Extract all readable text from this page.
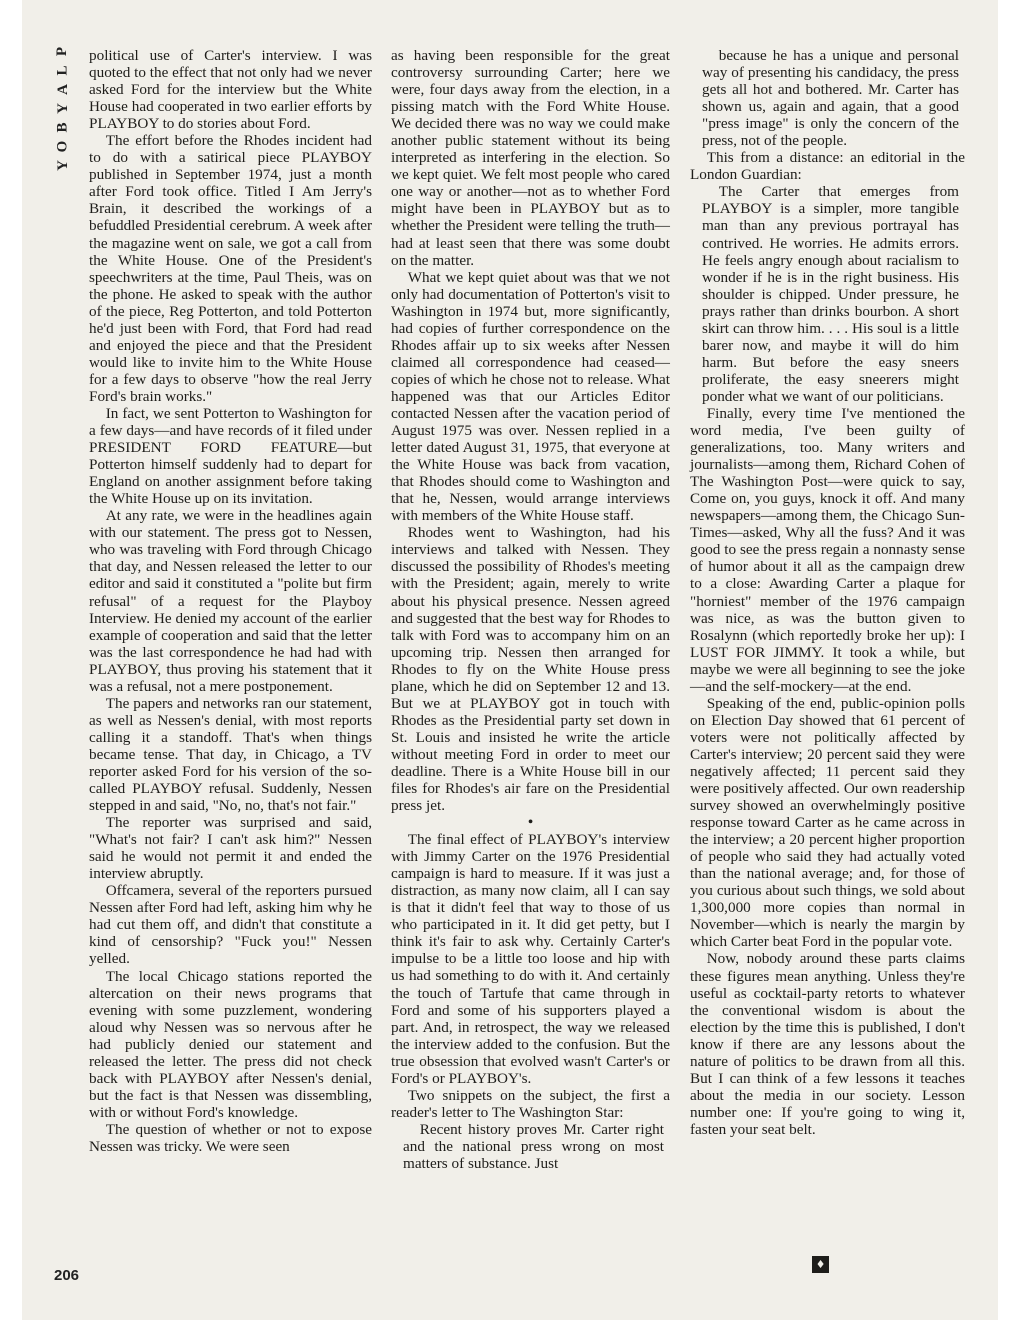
P
L
A
Y
B
O
Y

political use of Carter's interview. I was quoted to the effect that not only had we never asked Ford for the interview but the White House had cooperated in two earlier efforts by PLAYBOY to do stories about Ford.

The effort before the Rhodes incident had to do with a satirical piece PLAYBOY published in September 1974, just a month after Ford took office. Titled I Am Jerry's Brain, it described the workings of a befuddled Presidential cerebrum. A week after the magazine went on sale, we got a call from the White House. One of the President's speechwriters at the time, Paul Theis, was on the phone. He asked to speak with the author of the piece, Reg Potterton, and told Potterton he'd just been with Ford, that Ford had read and enjoyed the piece and that the President would like to invite him to the White House for a few days to observe "how the real Jerry Ford's brain works."

In fact, we sent Potterton to Washington for a few days—and have records of it filed under PRESIDENT FORD FEATURE—but Potterton himself suddenly had to depart for England on another assignment before taking the White House up on its invitation.

At any rate, we were in the headlines again with our statement. The press got to Nessen, who was traveling with Ford through Chicago that day, and Nessen released the letter to our editor and said it constituted a "polite but firm refusal" of a request for the Playboy Interview. He denied my account of the earlier example of cooperation and said that the letter was the last correspondence he had had with PLAYBOY, thus proving his statement that it was a refusal, not a mere postponement.

The papers and networks ran our statement, as well as Nessen's denial, with most reports calling it a standoff. That's when things became tense. That day, in Chicago, a TV reporter asked Ford for his version of the so-called PLAYBOY refusal. Suddenly, Nessen stepped in and said, "No, no, that's not fair."

The reporter was surprised and said, "What's not fair? I can't ask him?" Nessen said he would not permit it and ended the interview abruptly.

Offcamera, several of the reporters pursued Nessen after Ford had left, asking him why he had cut them off, and didn't that constitute a kind of censorship? "Fuck you!" Nessen yelled.

The local Chicago stations reported the altercation on their news programs that evening with some puzzlement, wondering aloud why Nessen was so nervous after he had publicly denied our statement and released the letter. The press did not check back with PLAYBOY after Nessen's denial, but the fact is that Nessen was dissembling, with or without Ford's knowledge.

The question of whether or not to expose Nessen was tricky. We were seen

as having been responsible for the great controversy surrounding Carter; here we were, four days away from the election, in a pissing match with the Ford White House. We decided there was no way we could make another public statement without its being interpreted as interfering in the election. So we kept quiet. We felt most people who cared one way or another—not as to whether Ford might have been in PLAYBOY but as to whether the President were telling the truth—had at least seen that there was some doubt on the matter.

What we kept quiet about was that we not only had documentation of Potterton's visit to Washington in 1974 but, more significantly, had copies of further correspondence on the Rhodes affair up to six weeks after Nessen claimed all correspondence had ceased—copies of which he chose not to release. What happened was that our Articles Editor contacted Nessen after the vacation period of August 1975 was over. Nessen replied in a letter dated August 31, 1975, that everyone at the White House was back from vacation, that Rhodes should come to Washington and that he, Nessen, would arrange interviews with members of the White House staff.

Rhodes went to Washington, had his interviews and talked with Nessen. They discussed the possibility of Rhodes's meeting with the President; again, merely to write about his physical presence. Nessen agreed and suggested that the best way for Rhodes to talk with Ford was to accompany him on an upcoming trip. Nessen then arranged for Rhodes to fly on the White House press plane, which he did on September 12 and 13. But we at PLAYBOY got in touch with Rhodes as the Presidential party set down in St. Louis and insisted he write the article without meeting Ford in order to meet our deadline. There is a White House bill in our files for Rhodes's air fare on the Presidential press jet.

•

The final effect of PLAYBOY's interview with Jimmy Carter on the 1976 Presidential campaign is hard to measure. If it was just a distraction, as many now claim, all I can say is that it didn't feel that way to those of us who participated in it. It did get petty, but I think it's fair to ask why. Certainly Carter's impulse to be a little too loose and hip with us had something to do with it. And certainly the touch of Tartufe that came through in Ford and some of his supporters played a part. And, in retrospect, the way we released the interview added to the confusion. But the true obsession that evolved wasn't Carter's or Ford's or PLAYBOY's.

Two snippets on the subject, the first a reader's letter to The Washington Star:

Recent history proves Mr. Carter right and the national press wrong on most matters of substance. Just

because he has a unique and personal way of presenting his candidacy, the press gets all hot and bothered. Mr. Carter has shown us, again and again, that a good "press image" is only the concern of the press, not of the people.

This from a distance: an editorial in the London Guardian:

The Carter that emerges from PLAYBOY is a simpler, more tangible man than any previous portrayal has contrived. He worries. He admits errors. He feels angry enough about racialism to wonder if he is in the right business. His shoulder is chipped. Under pressure, he prays rather than drinks bourbon. A short skirt can throw him. . . . His soul is a little barer now, and maybe it will do him harm. But before the easy sneers proliferate, the easy sneerers might ponder what we want of our politicians.

Finally, every time I've mentioned the word media, I've been guilty of generalizations, too. Many writers and journalists—among them, Richard Cohen of The Washington Post—were quick to say, Come on, you guys, knock it off. And many newspapers—among them, the Chicago Sun-Times—asked, Why all the fuss? And it was good to see the press regain a nonnasty sense of humor about it all as the campaign drew to a close: Awarding Carter a plaque for "horniest" member of the 1976 campaign was nice, as was the button given to Rosalynn (which reportedly broke her up): I LUST FOR JIMMY. It took a while, but maybe we were all beginning to see the joke—and the self-mockery—at the end.

Speaking of the end, public-opinion polls on Election Day showed that 61 percent of voters were not politically affected by Carter's interview; 20 percent said they were negatively affected; 11 percent said they were positively affected. Our own readership survey showed an overwhelmingly positive response toward Carter as he came across in the interview; a 20 percent higher proportion of people who said they had actually voted than the national average; and, for those of you curious about such things, we sold about 1,300,000 more copies than normal in November—which is nearly the margin by which Carter beat Ford in the popular vote.

Now, nobody around these parts claims these figures mean anything. Unless they're useful as cocktail-party retorts to whatever the conventional wisdom is about the election by the time this is published, I don't know if there are any lessons about the nature of politics to be drawn from all this. But I can think of a few lessons it teaches about the media in our society. Lesson number one: If you're going to wing it, fasten your seat belt.

206
♦
